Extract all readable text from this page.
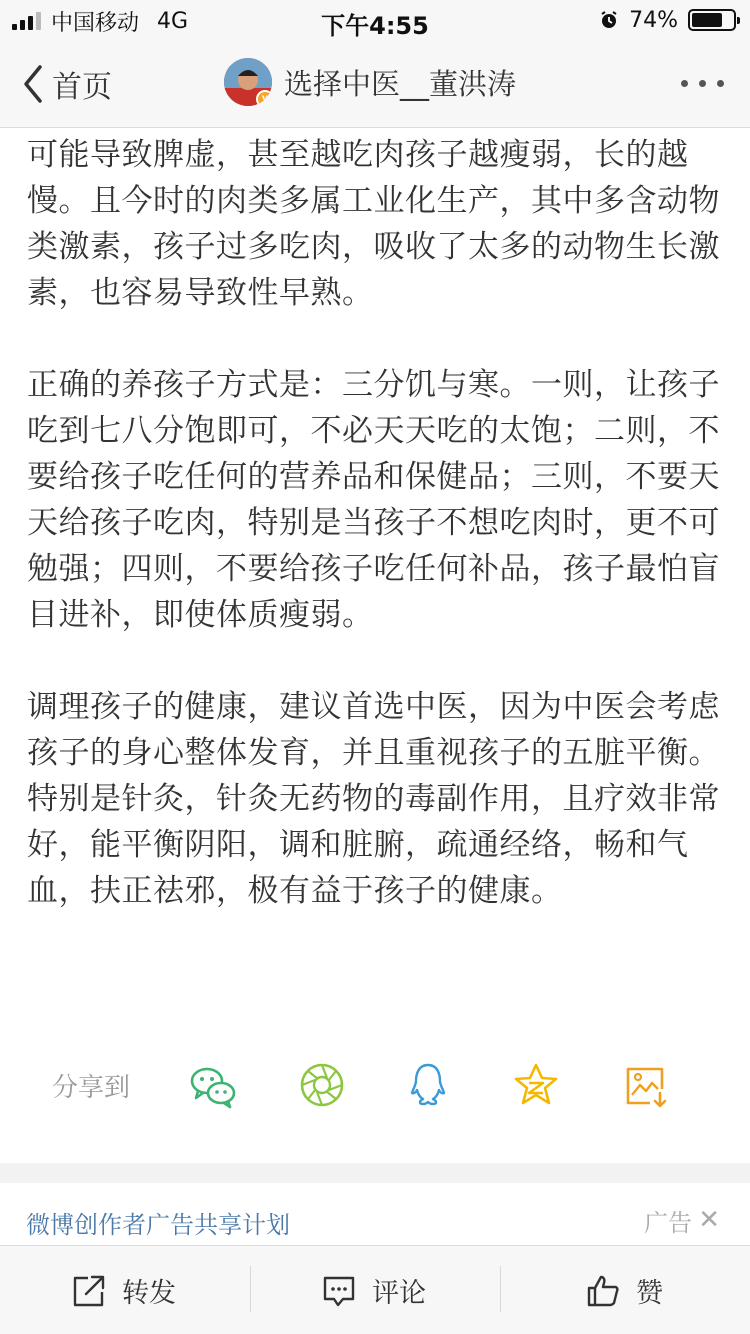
中国移动 4G	下午4:55	74%
首页	v 选择中医__董洪涛

可能导致脾虚，甚至越吃肉孩子越瘦弱，长的越慢。且今时的肉类多属工业化生产，其中多含动物类激素，孩子过多吃肉，吸收了太多的动物生长激素，也容易导致性早熟。

正确的养孩子方式是：三分饥与寒。一则，让孩子吃到七八分饱即可，不必天天吃的太饱；二则，不要给孩子吃任何的营养品和保健品；三则，不要天天给孩子吃肉，特别是当孩子不想吃肉时，更不可勉强；四则，不要给孩子吃任何补品，孩子最怕盲目进补，即使体质瘦弱。

调理孩子的健康，建议首选中医，因为中医会考虑孩子的身心整体发育，并且重视孩子的五脏平衡。特别是针灸，针灸无药物的毒副作用，且疗效非常好，能平衡阴阳，调和脏腑，疏通经络，畅和气血，扶正祛邪，极有益于孩子的健康。

分享到
微博创作者广告共享计划	广告 ✕
转发	评论	赞
